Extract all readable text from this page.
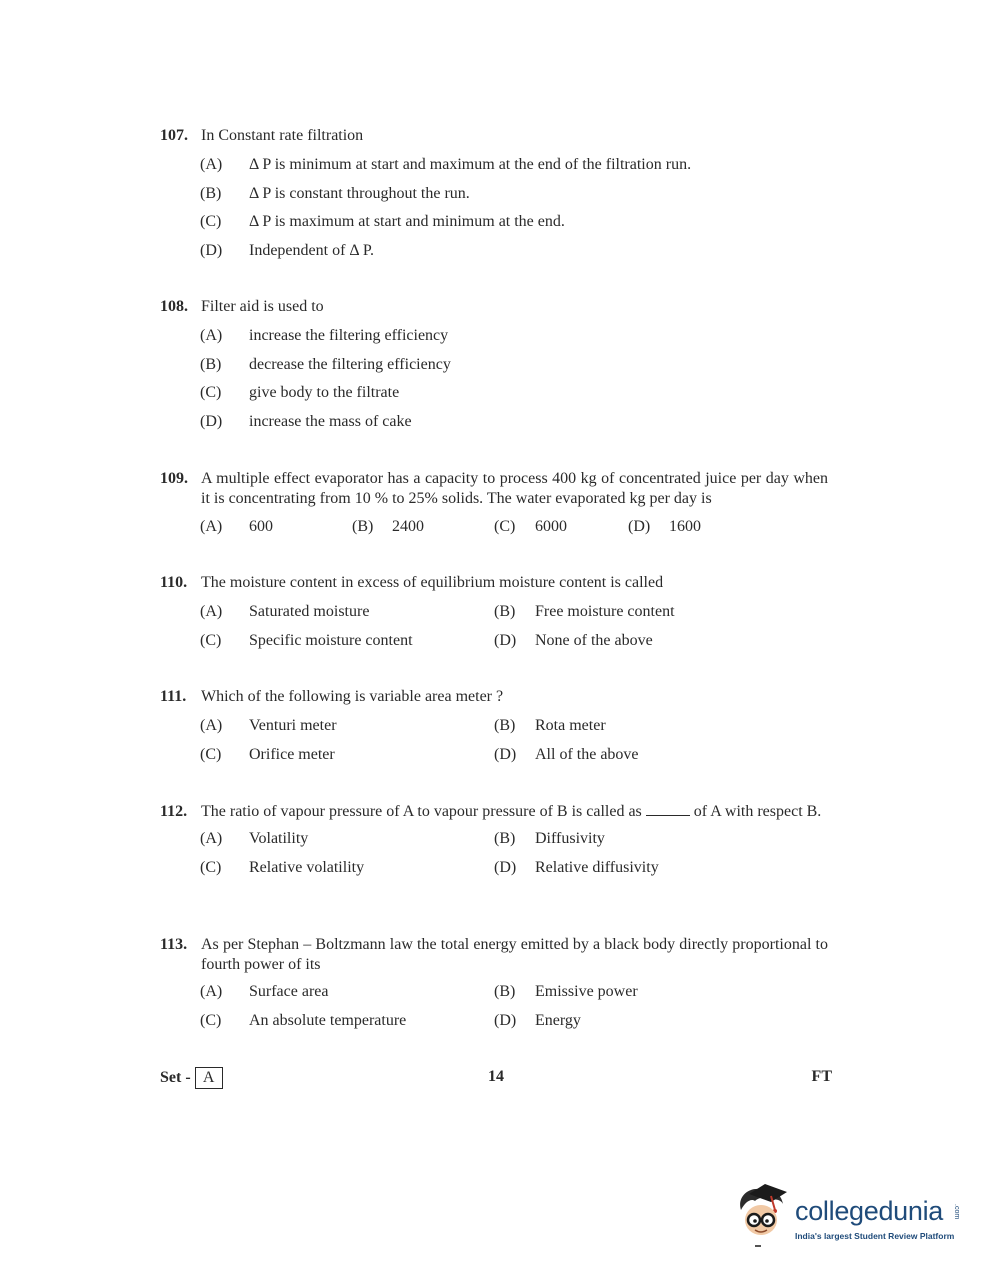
107. In Constant rate filtration
(A)	Δ P is minimum at start and maximum at the end of the filtration run.
(B)	Δ P is constant throughout the run.
(C)	Δ P is maximum at start and minimum at the end.
(D)	Independent of Δ P.
108. Filter aid is used to
(A)	increase the filtering efficiency
(B)	decrease the filtering efficiency
(C)	give body to the filtrate
(D)	increase the mass of cake
109. A multiple effect evaporator has a capacity to process 400 kg of concentrated juice per day when it is concentrating from 10 % to 25% solids. The water evaporated kg per day is
(A)	600	(B)	2400	(C)	6000	(D)	1600
110. The moisture content in excess of equilibrium moisture content is called
(A)	Saturated moisture	(B)	Free moisture content
(C)	Specific moisture content	(D)	None of the above
111. Which of the following is variable area meter ?
(A)	Venturi meter	(B)	Rota meter
(C)	Orifice meter	(D)	All of the above
112. The ratio of vapour pressure of A to vapour pressure of B is called as	of A with respect B.
(A)	Volatility	(B)	Diffusivity
(C)	Relative volatility	(D)	Relative diffusivity
113. As per Stephan – Boltzmann law the total energy emitted by a black body directly proportional to fourth power of its
(A)	Surface area	(B)	Emissive power
(C)	An absolute temperature	(D)	Energy
Set - A	14	FT
collegedunia .com
India's largest Student Review Platform
